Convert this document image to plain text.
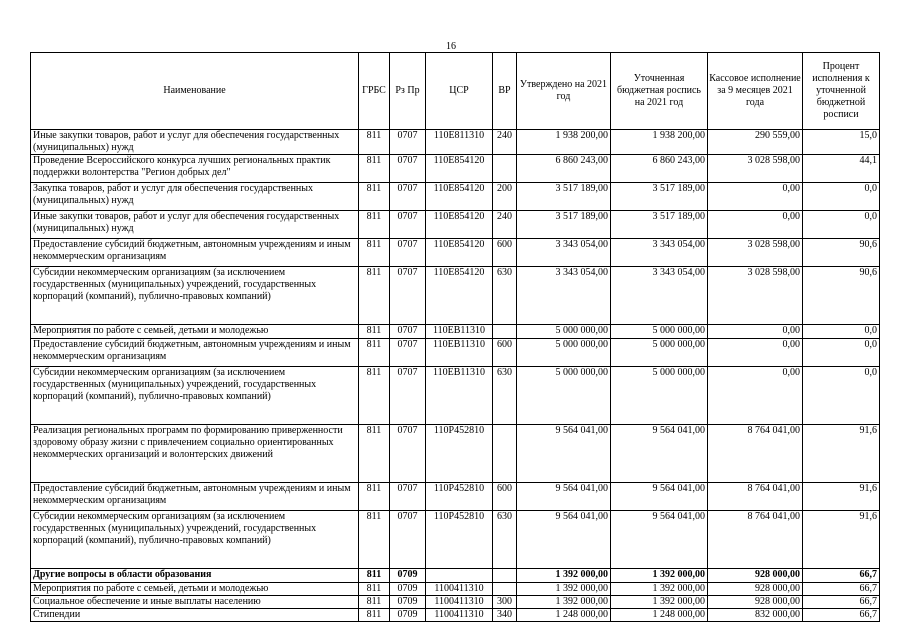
16
Наименование	ГРБС	Рз Пр	ЦСР	ВР	Утверждено на 2021 год	Уточненная бюджетная роспись на 2021 год	Кассовое исполнение за 9 месяцев 2021 года	Процент исполнения к уточненной бюджетной росписи
Иные закупки товаров, работ и услуг для обеспечения государственных (муниципальных) нужд	811	0707	110E811310	240	1 938 200,00	1 938 200,00	290 559,00	15,0
Проведение Всероссийского конкурса лучших региональных практик поддержки волонтерства "Регион добрых дел"	811	0707	110E854120		6 860 243,00	6 860 243,00	3 028 598,00	44,1
Закупка товаров, работ и услуг для обеспечения государственных (муниципальных) нужд	811	0707	110E854120	200	3 517 189,00	3 517 189,00	0,00	0,0
Иные закупки товаров, работ и услуг для обеспечения государственных (муниципальных) нужд	811	0707	110E854120	240	3 517 189,00	3 517 189,00	0,00	0,0
Предоставление субсидий бюджетным, автономным учреждениям и иным некоммерческим организациям	811	0707	110E854120	600	3 343 054,00	3 343 054,00	3 028 598,00	90,6
Субсидии некоммерческим организациям (за исключением государственных (муниципальных) учреждений, государственных корпораций (компаний), публично-правовых компаний)	811	0707	110E854120	630	3 343 054,00	3 343 054,00	3 028 598,00	90,6
Мероприятия по работе с семьей, детьми и молодежью	811	0707	110EB11310		5 000 000,00	5 000 000,00	0,00	0,0
Предоставление субсидий бюджетным, автономным учреждениям и иным некоммерческим организациям	811	0707	110EB11310	600	5 000 000,00	5 000 000,00	0,00	0,0
Субсидии некоммерческим организациям (за исключением государственных (муниципальных) учреждений, государственных корпораций (компаний), публично-правовых компаний)	811	0707	110EB11310	630	5 000 000,00	5 000 000,00	0,00	0,0
Реализация региональных программ по формированию приверженности здоровому образу жизни с привлечением социально ориентированных некоммерческих организаций и волонтерских движений	811	0707	110P452810		9 564 041,00	9 564 041,00	8 764 041,00	91,6
Предоставление субсидий бюджетным, автономным учреждениям и иным некоммерческим организациям	811	0707	110P452810	600	9 564 041,00	9 564 041,00	8 764 041,00	91,6
Субсидии некоммерческим организациям (за исключением государственных (муниципальных) учреждений, государственных корпораций (компаний), публично-правовых компаний)	811	0707	110P452810	630	9 564 041,00	9 564 041,00	8 764 041,00	91,6
Другие вопросы в области образования	811	0709			1 392 000,00	1 392 000,00	928 000,00	66,7
Мероприятия по работе с семьей, детьми и молодежью	811	0709	1100411310		1 392 000,00	1 392 000,00	928 000,00	66,7
Социальное обеспечение и иные выплаты населению	811	0709	1100411310	300	1 392 000,00	1 392 000,00	928 000,00	66,7
Стипендии	811	0709	1100411310	340	1 248 000,00	1 248 000,00	832 000,00	66,7
